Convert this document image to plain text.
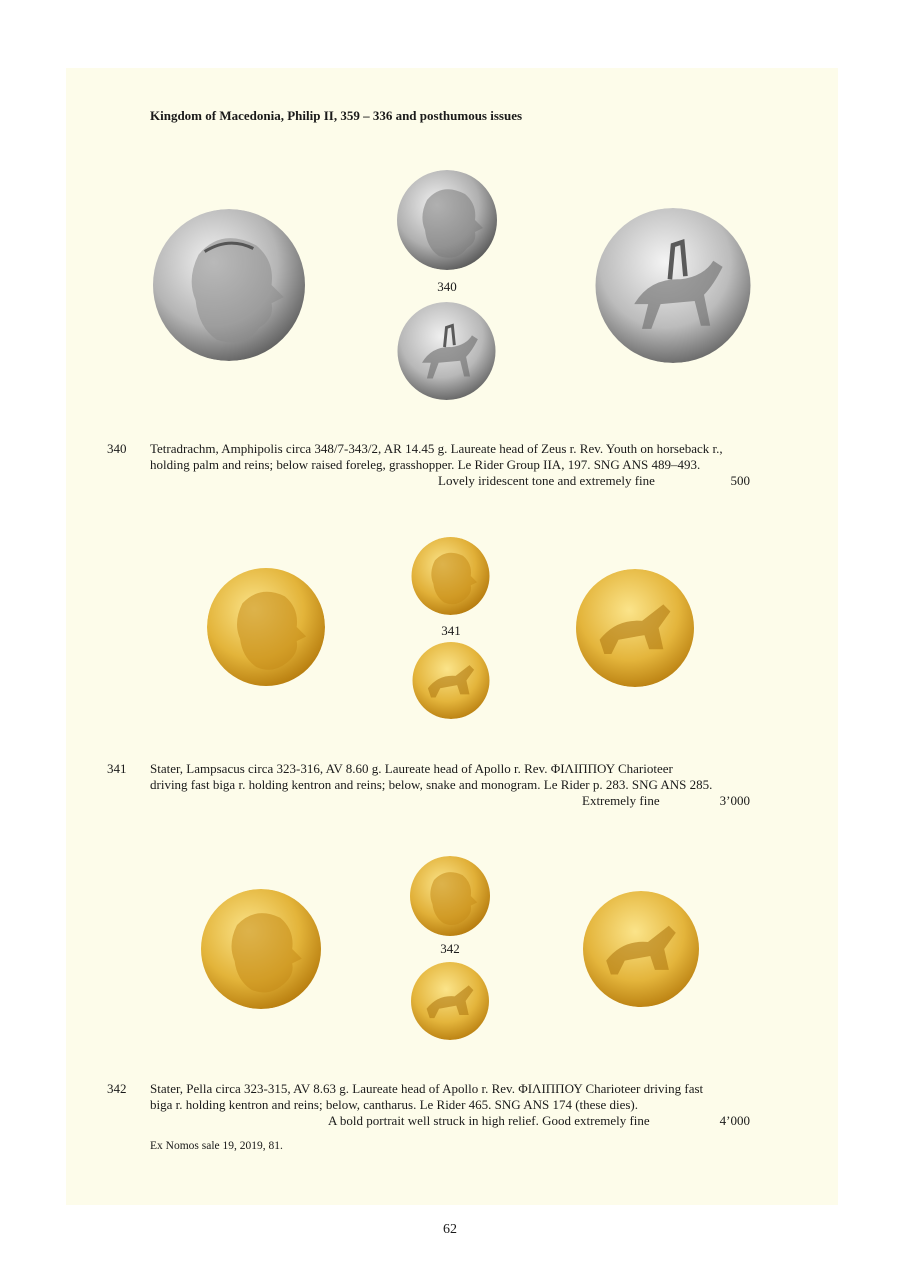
Kingdom of Macedonia, Philip II, 359 – 336 and posthumous issues
340
340 Tetradrachm, Amphipolis circa 348/7-343/2, AR 14.45 g. Laureate head of Zeus r. Rev. Youth on horseback r.,
holding palm and reins; below raised foreleg, grasshopper. Le Rider Group IIA, 197. SNG ANS 489–493.
Lovely iridescent tone and extremely fine	500
341
341 Stater, Lampsacus circa 323-316, AV 8.60 g. Laureate head of Apollo r. Rev. ΦΙΛΙΠΠΟΥ Charioteer
driving fast biga r. holding kentron and reins; below, snake and monogram. Le Rider p. 283. SNG ANS 285.
Extremely fine	3’000
342
342 Stater, Pella circa 323-315, AV 8.63 g. Laureate head of Apollo r. Rev. ΦΙΛΙΠΠΟΥ Charioteer driving fast
biga r. holding kentron and reins; below, cantharus. Le Rider 465. SNG ANS 174 (these dies).
A bold portrait well struck in high relief. Good extremely fine	4’000
Ex Nomos sale 19, 2019, 81.
62
